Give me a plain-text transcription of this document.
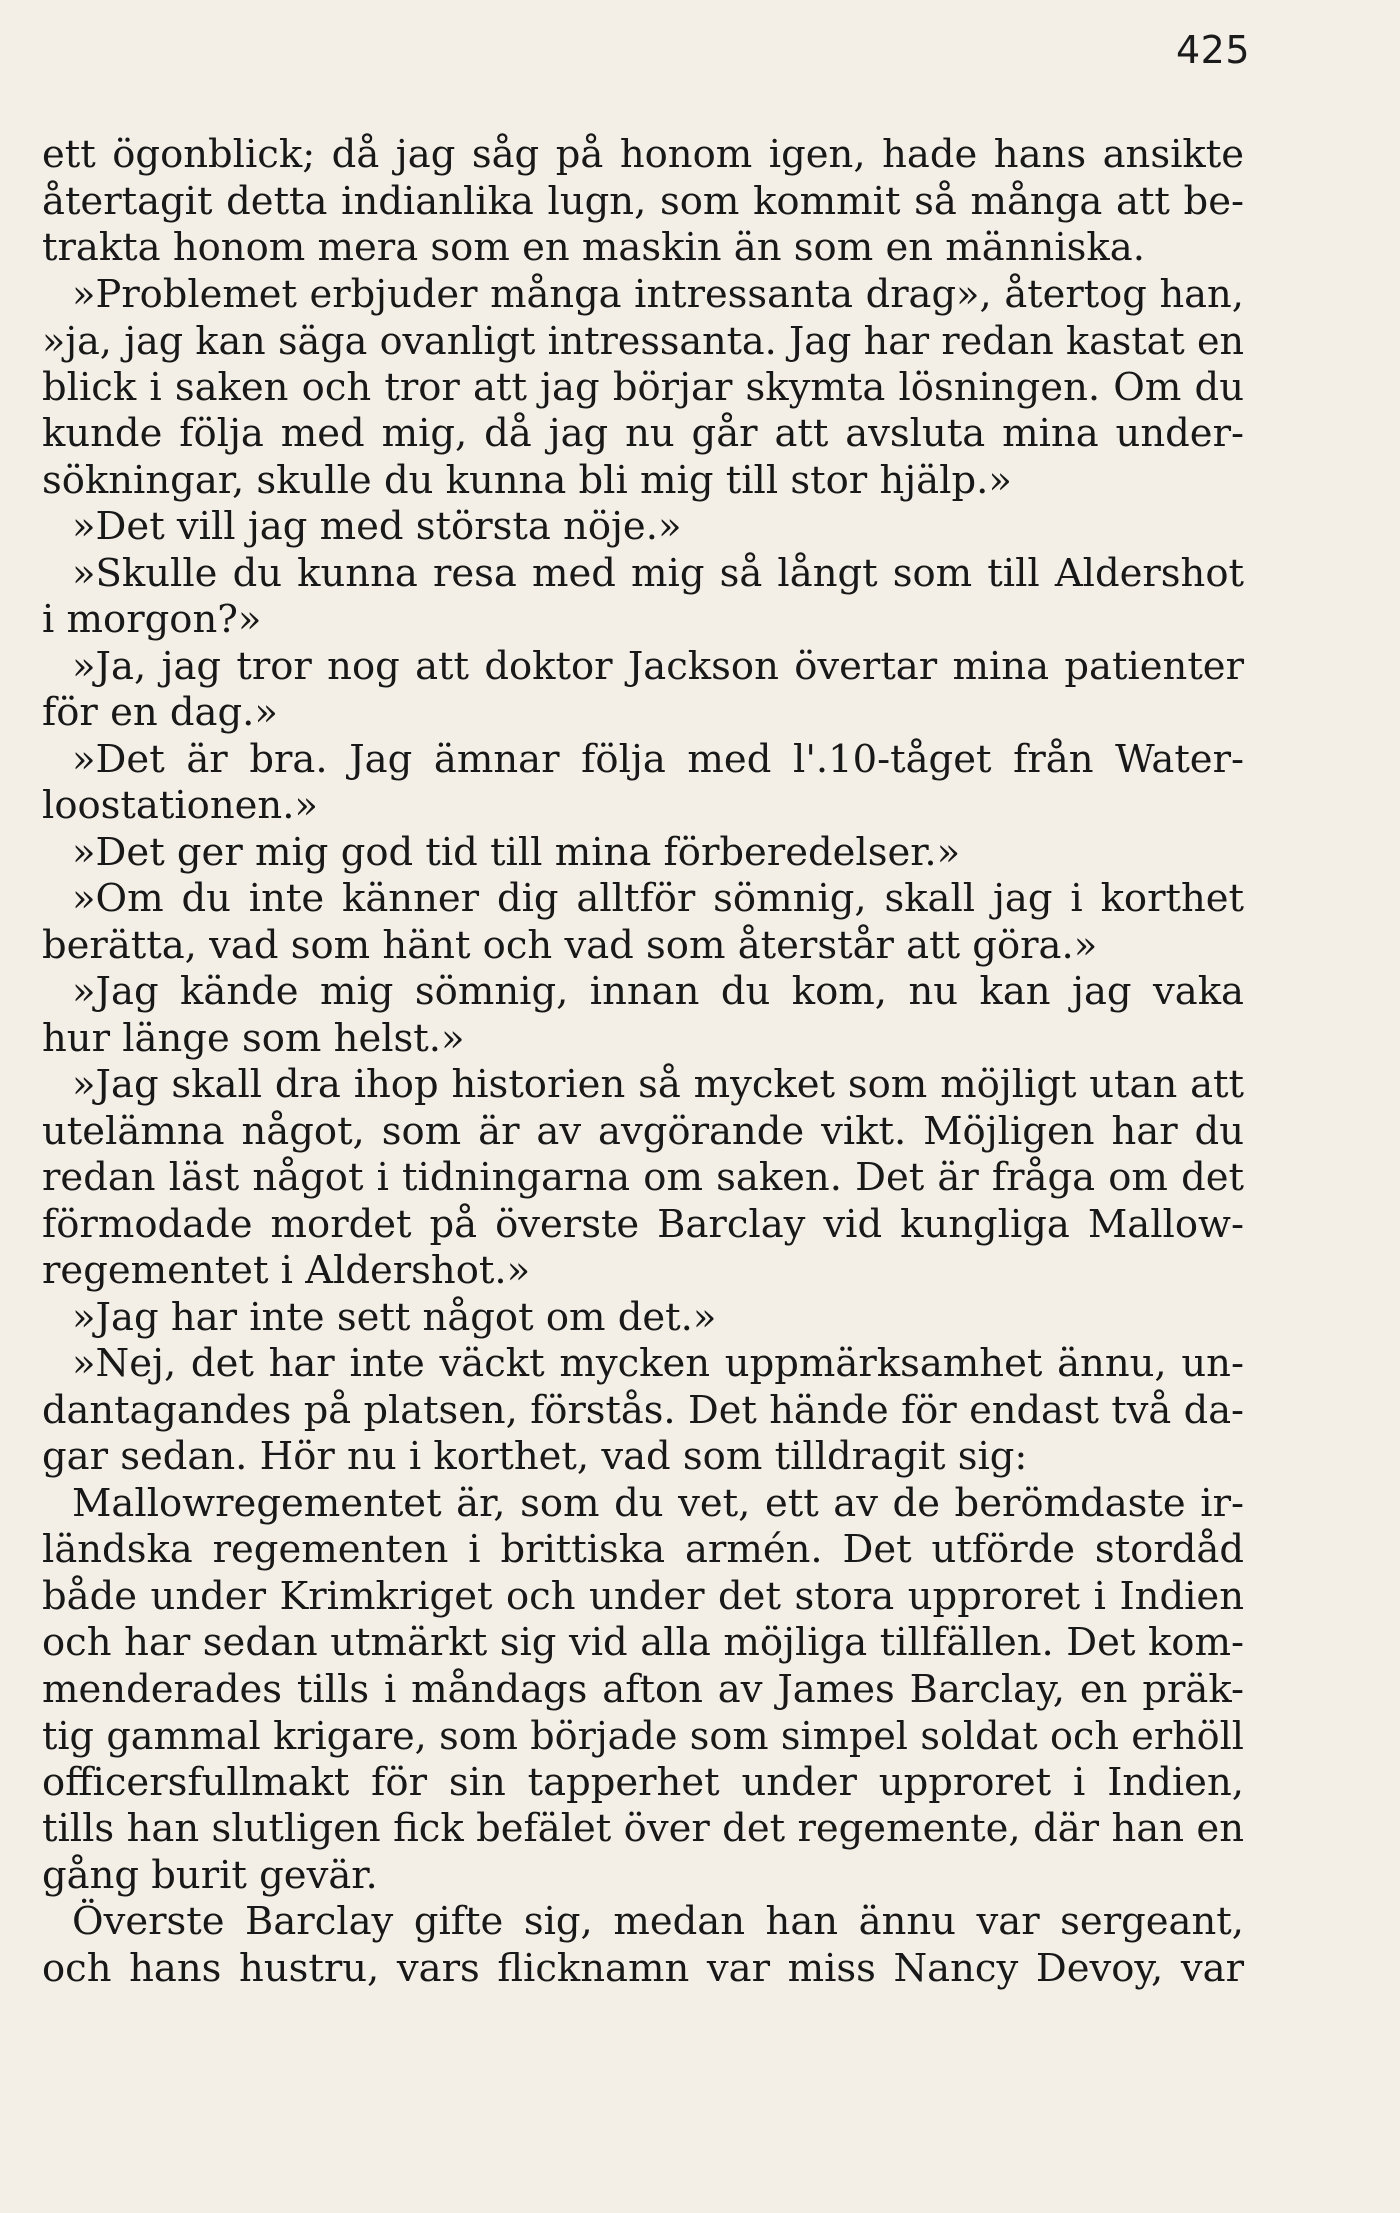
425
ett ögonblick; då jag såg på honom igen, hade hans ansikte
återtagit detta indianlika lugn, som kommit så många att be-
trakta honom mera som en maskin än som en människa.
»Problemet erbjuder många intressanta drag», återtog han,
»ja, jag kan säga ovanligt intressanta. Jag har redan kastat en
blick i saken och tror att jag börjar skymta lösningen. Om du
kunde följa med mig, då jag nu går att avsluta mina under-
sökningar, skulle du kunna bli mig till stor hjälp.»
»Det vill jag med största nöje.»
»Skulle du kunna resa med mig så långt som till Aldershot
i morgon?»
»Ja, jag tror nog att doktor Jackson övertar mina patienter
för en dag.»
»Det är bra. Jag ämnar följa med l'.10-tåget från Water-
loostationen.»
»Det ger mig god tid till mina förberedelser.»
»Om du inte känner dig alltför sömnig, skall jag i korthet
berätta, vad som hänt och vad som återstår att göra.»
»Jag kände mig sömnig, innan du kom, nu kan jag vaka
hur länge som helst.»
»Jag skall dra ihop historien så mycket som möjligt utan att
utelämna något, som är av avgörande vikt. Möjligen har du
redan läst något i tidningarna om saken. Det är fråga om det
förmodade mordet på överste Barclay vid kungliga Mallow-
regementet i Aldershot.»
»Jag har inte sett något om det.»
»Nej, det har inte väckt mycken uppmärksamhet ännu, un-
dantagandes på platsen, förstås. Det hände för endast två da-
gar sedan. Hör nu i korthet, vad som tilldragit sig:
Mallowregementet är, som du vet, ett av de berömdaste ir-
ländska regementen i brittiska armén. Det utförde stordåd
både under Krimkriget och under det stora upproret i Indien
och har sedan utmärkt sig vid alla möjliga tillfällen. Det kom-
menderades tills i måndags afton av James Barclay, en präk-
tig gammal krigare, som började som simpel soldat och erhöll
officersfullmakt för sin tapperhet under upproret i Indien,
tills han slutligen fick befälet över det regemente, där han en
gång burit gevär.
Överste Barclay gifte sig, medan han ännu var sergeant,
och hans hustru, vars flicknamn var miss Nancy Devoy, var
